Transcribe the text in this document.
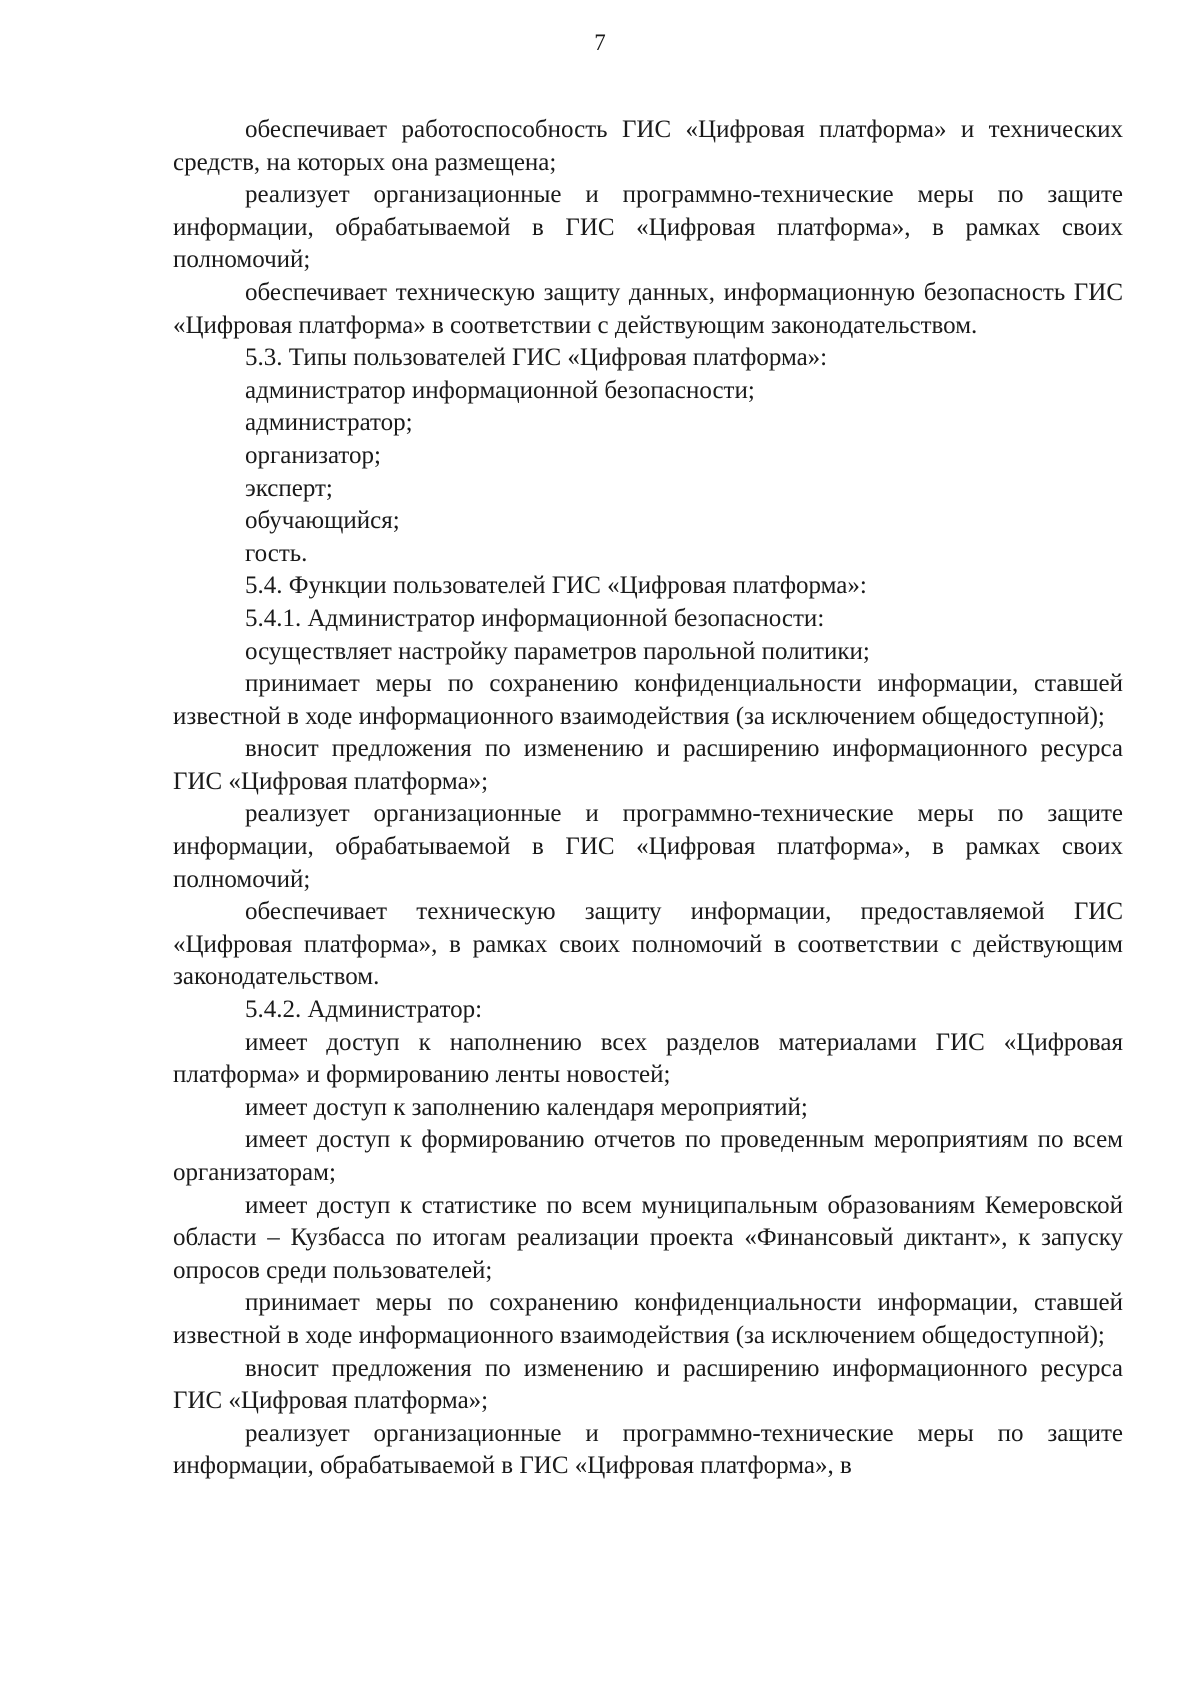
7

обеспечивает работоспособность ГИС «Цифровая платформа» и технических средств, на которых она размещена;

реализует организационные и программно-технические меры по защите информации, обрабатываемой в ГИС «Цифровая платформа», в рамках своих полномочий;

обеспечивает техническую защиту данных, информационную безопасность ГИС «Цифровая платформа» в соответствии с действующим законодательством.

5.3. Типы пользователей ГИС «Цифровая платформа»:

администратор информационной безопасности;

администратор;

организатор;

эксперт;

обучающийся;

гость.

5.4. Функции пользователей ГИС «Цифровая платформа»:

5.4.1. Администратор информационной безопасности:

осуществляет настройку параметров парольной политики;

принимает меры по сохранению конфиденциальности информации, ставшей известной в ходе информационного взаимодействия (за исключением общедоступной);

вносит предложения по изменению и расширению информационного ресурса ГИС «Цифровая платформа»;

реализует организационные и программно-технические меры по защите информации, обрабатываемой в ГИС «Цифровая платформа», в рамках своих полномочий;

обеспечивает техническую защиту информации, предоставляемой ГИС «Цифровая платформа», в рамках своих полномочий в соответствии с действующим законодательством.

5.4.2. Администратор:

имеет доступ к наполнению всех разделов материалами ГИС «Цифровая платформа» и формированию ленты новостей;

имеет доступ к заполнению календаря мероприятий;

имеет доступ к формированию отчетов по проведенным мероприятиям по всем организаторам;

имеет доступ к статистике по всем муниципальным образованиям Кемеровской области – Кузбасса по итогам реализации проекта «Финансовый диктант», к запуску опросов среди пользователей;

принимает меры по сохранению конфиденциальности информации, ставшей известной в ходе информационного взаимодействия (за исключением общедоступной);

вносит предложения по изменению и расширению информационного ресурса ГИС «Цифровая платформа»;

реализует организационные и программно-технические меры по защите информации, обрабатываемой в ГИС «Цифровая платформа», в
